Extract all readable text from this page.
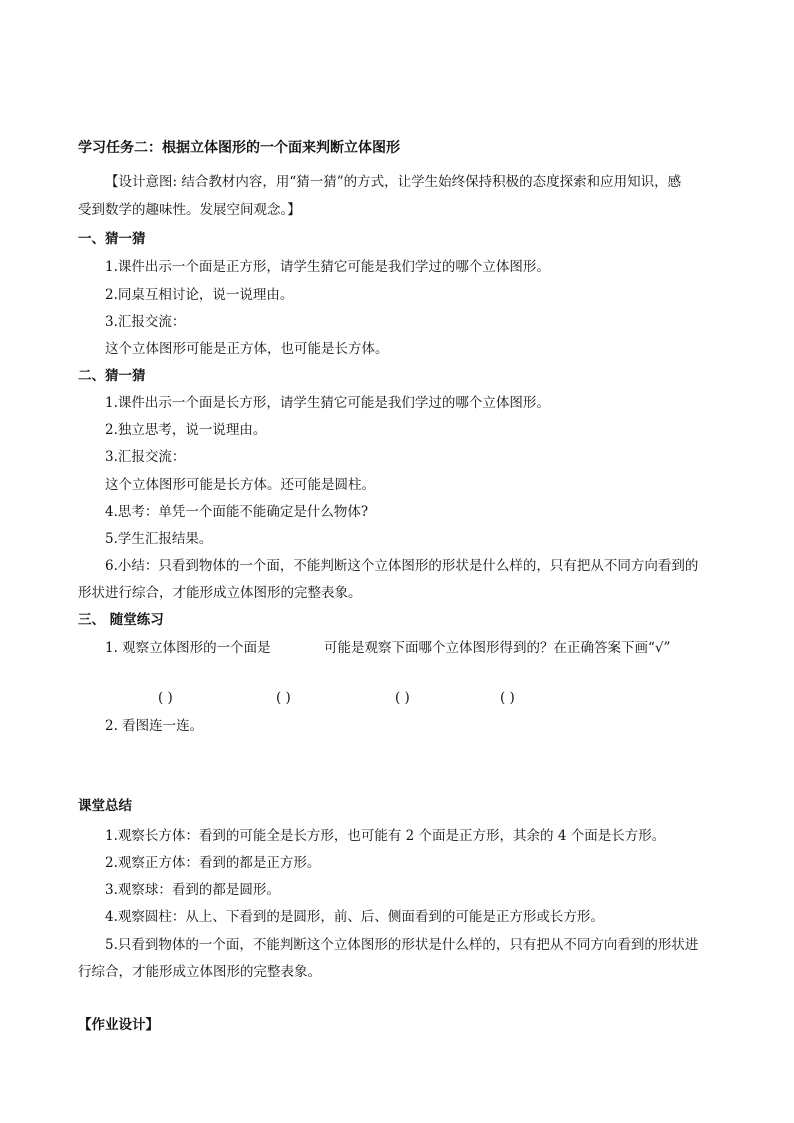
学习任务二：根据立体图形的一个面来判断立体图形
【设计意图: 结合教材内容，用“猜一猜”的方式，让学生始终保持积极的态度探索和应用知识，感
受到数学的趣味性。发展空间观念。】
一、猜一猜
1.课件出示一个面是正方形，请学生猜它可能是我们学过的哪个立体图形。
2.同桌互相讨论，说一说理由。
3.汇报交流：
这个立体图形可能是正方体，也可能是长方体。
二、猜一猜
1.课件出示一个面是长方形，请学生猜它可能是我们学过的哪个立体图形。
2.独立思考，说一说理由。
3.汇报交流：
这个立体图形可能是长方体。还可能是圆柱。
4.思考：单凭一个面能不能确定是什么物体?
5.学生汇报结果。
6.小结：只看到物体的一个面，不能判断这个立体图形的形状是什么样的，只有把从不同方向看到的
形状进行综合，才能形成立体图形的完整表象。
三、 随堂练习
1. 观察立体图形的一个面是	可能是观察下面哪个立体图形得到的？在正确答案下画“√”
( )	( )	( )	( )
2. 看图连一连。
课堂总结
1.观察长方体：看到的可能全是长方形，也可能有 2 个面是正方形，其余的 4 个面是长方形。
2.观察正方体：看到的都是正方形。
3.观察球：看到的都是圆形。
4.观察圆柱：从上、下看到的是圆形，前、后、侧面看到的可能是正方形或长方形。
5.只看到物体的一个面，不能判断这个立体图形的形状是什么样的，只有把从不同方向看到的形状进
行综合，才能形成立体图形的完整表象。
【作业设计】
